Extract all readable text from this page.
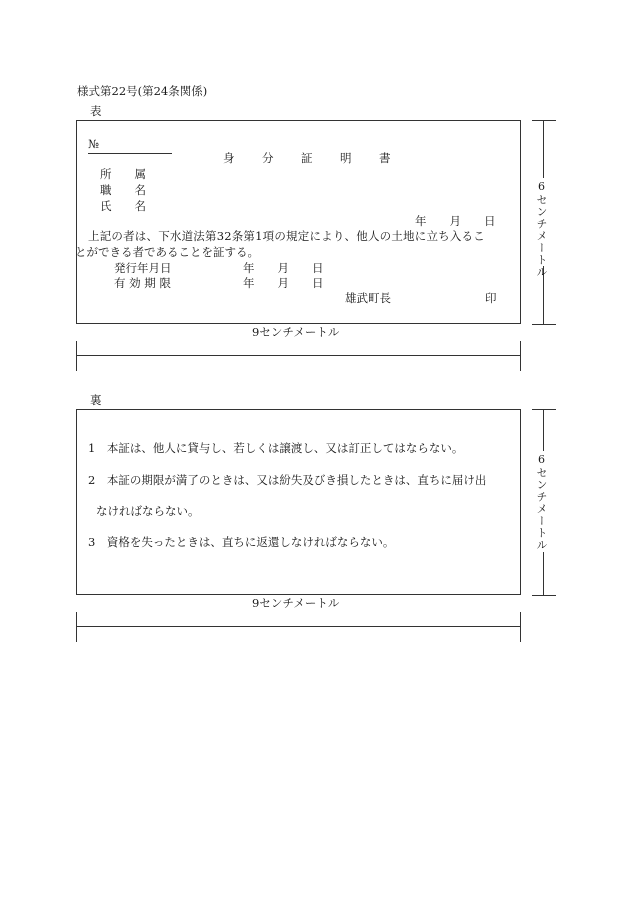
様式第22号(第24条関係)
表
№
身　分　証　明　書
所　　属
職　　名
氏　　名
年　　月　　日
上記の者は、下水道法第32条第1項の規定により、他人の土地に立ち入るこ
とができる者であることを証する。
発行年月日	年　　月　　日
有 効 期 限	年　　月　　日
雄武町長	印
6センチメートル
9センチメートル
裏
1　本証は、他人に貸与し、若しくは譲渡し、又は訂正してはならない。
2　本証の期限が満了のときは、又は紛失及びき損したときは、直ちに届け出
なければならない。
3　資格を失ったときは、直ちに返還しなければならない。	6センチメートル
9センチメートル
